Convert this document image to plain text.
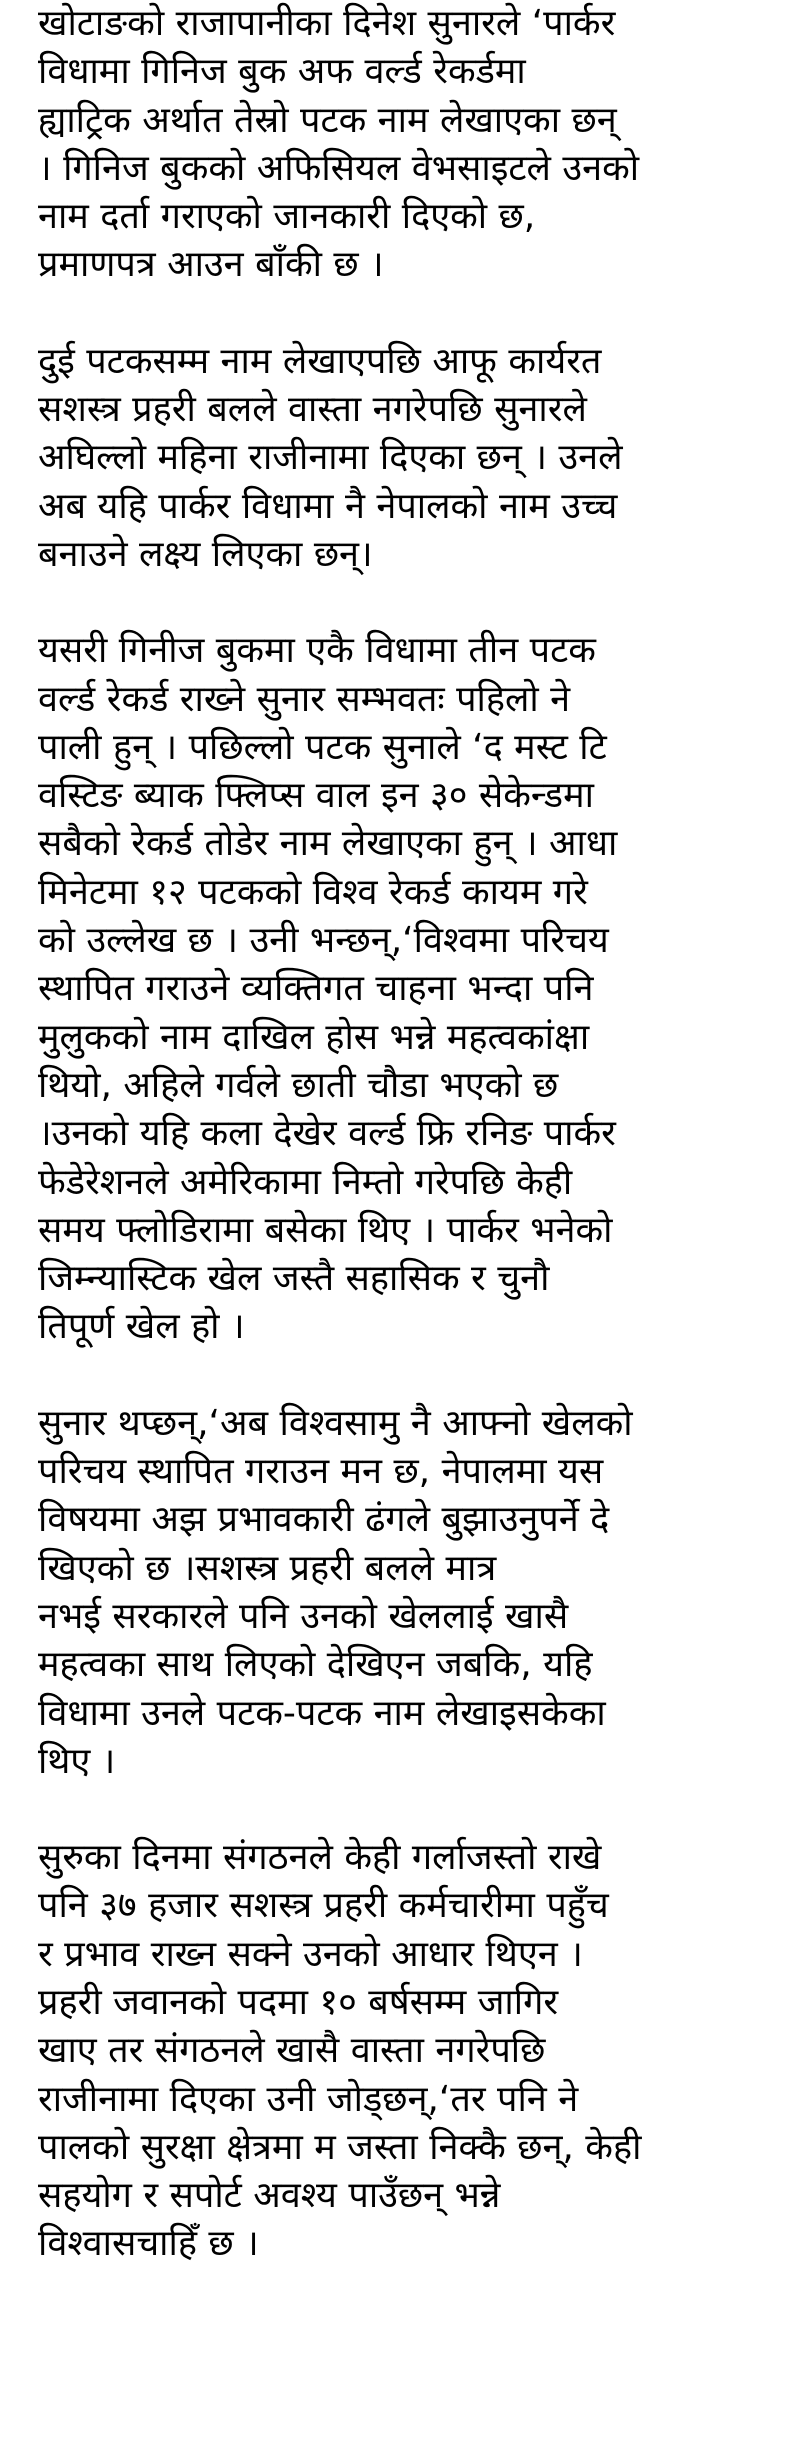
खोटाङको राजापानीका दिनेश सुनारले ‘पार्कर
विधामा गिनिज बुक अफ वर्ल्ड रेकर्डमा
ह्याट्रिक अर्थात तेस्रो पटक नाम लेखाएका छन्
। गिनिज बुकको अफिसियल वेभसाइटले उनको
नाम दर्ता गराएको जानकारी दिएको छ,
प्रमाणपत्र आउन बाँकी छ ।
दुई पटकसम्म नाम लेखाएपछि आफू कार्यरत
सशस्त्र प्रहरी बलले वास्ता नगरेपछि सुनारले
अघिल्लो महिना राजीनामा दिएका छन् । उनले
अब यहि पार्कर विधामा नै नेपालको नाम उच्च
बनाउने लक्ष्य लिएका छन्।
यसरी गिनीज बुकमा एकै विधामा तीन पटक
वर्ल्ड रेकर्ड राख्ने सुनार सम्भवतः पहिलो ने
पाली हुन् । पछिल्लो पटक सुनाले ‘द मस्ट टि
वस्टिङ ब्याक फ्लिप्स वाल इन ३० सेकेन्डमा
सबैको रेकर्ड तोडेर नाम लेखाएका हुन् । आधा
मिनेटमा १२ पटकको विश्व रेकर्ड कायम गरे
को उल्लेख छ । उनी भन्छन्,‘विश्वमा परिचय
स्थापित गराउने व्यक्तिगत चाहना भन्दा पनि
मुलुकको नाम दाखिल होस भन्ने महत्वकांक्षा
थियो, अहिले गर्वले छाती चौडा भएको छ
।उनको यहि कला देखेर वर्ल्ड फ्रि रनिङ पार्कर
फेडेरेशनले अमेरिकामा निम्तो गरेपछि केही
समय फ्लोडिरामा बसेका थिए । पार्कर भनेको
जिम्न्यास्टिक खेल जस्तै सहासिक र चुनौ
तिपूर्ण खेल हो ।
सुनार थप्छन्,‘अब विश्वसामु नै आफ्नो खेलको
परिचय स्थापित गराउन मन छ, नेपालमा यस
विषयमा अझ प्रभावकारी ढंगले बुझाउनुपर्ने दे
खिएको छ ।सशस्त्र प्रहरी बलले मात्र
नभई सरकारले पनि उनको खेललाई खासै
महत्वका साथ लिएको देखिएन जबकि, यहि
विधामा उनले पटक-पटक नाम लेखाइसकेका
थिए ।
सुरुका दिनमा संगठनले केही गर्लाजस्तो राखे
पनि ३७ हजार सशस्त्र प्रहरी कर्मचारीमा पहुँच
र प्रभाव राख्न सक्ने उनको आधार थिएन ।
प्रहरी जवानको पदमा १० बर्षसम्म जागिर
खाए तर संगठनले खासै वास्ता नगरेपछि
राजीनामा दिएका उनी जोड्छन्,‘तर पनि ने
पालको सुरक्षा क्षेत्रमा म जस्ता निक्कै छन्, केही
सहयोग र सपोर्ट अवश्य पाउँछन् भन्ने
विश्वासचाहिँ छ ।
